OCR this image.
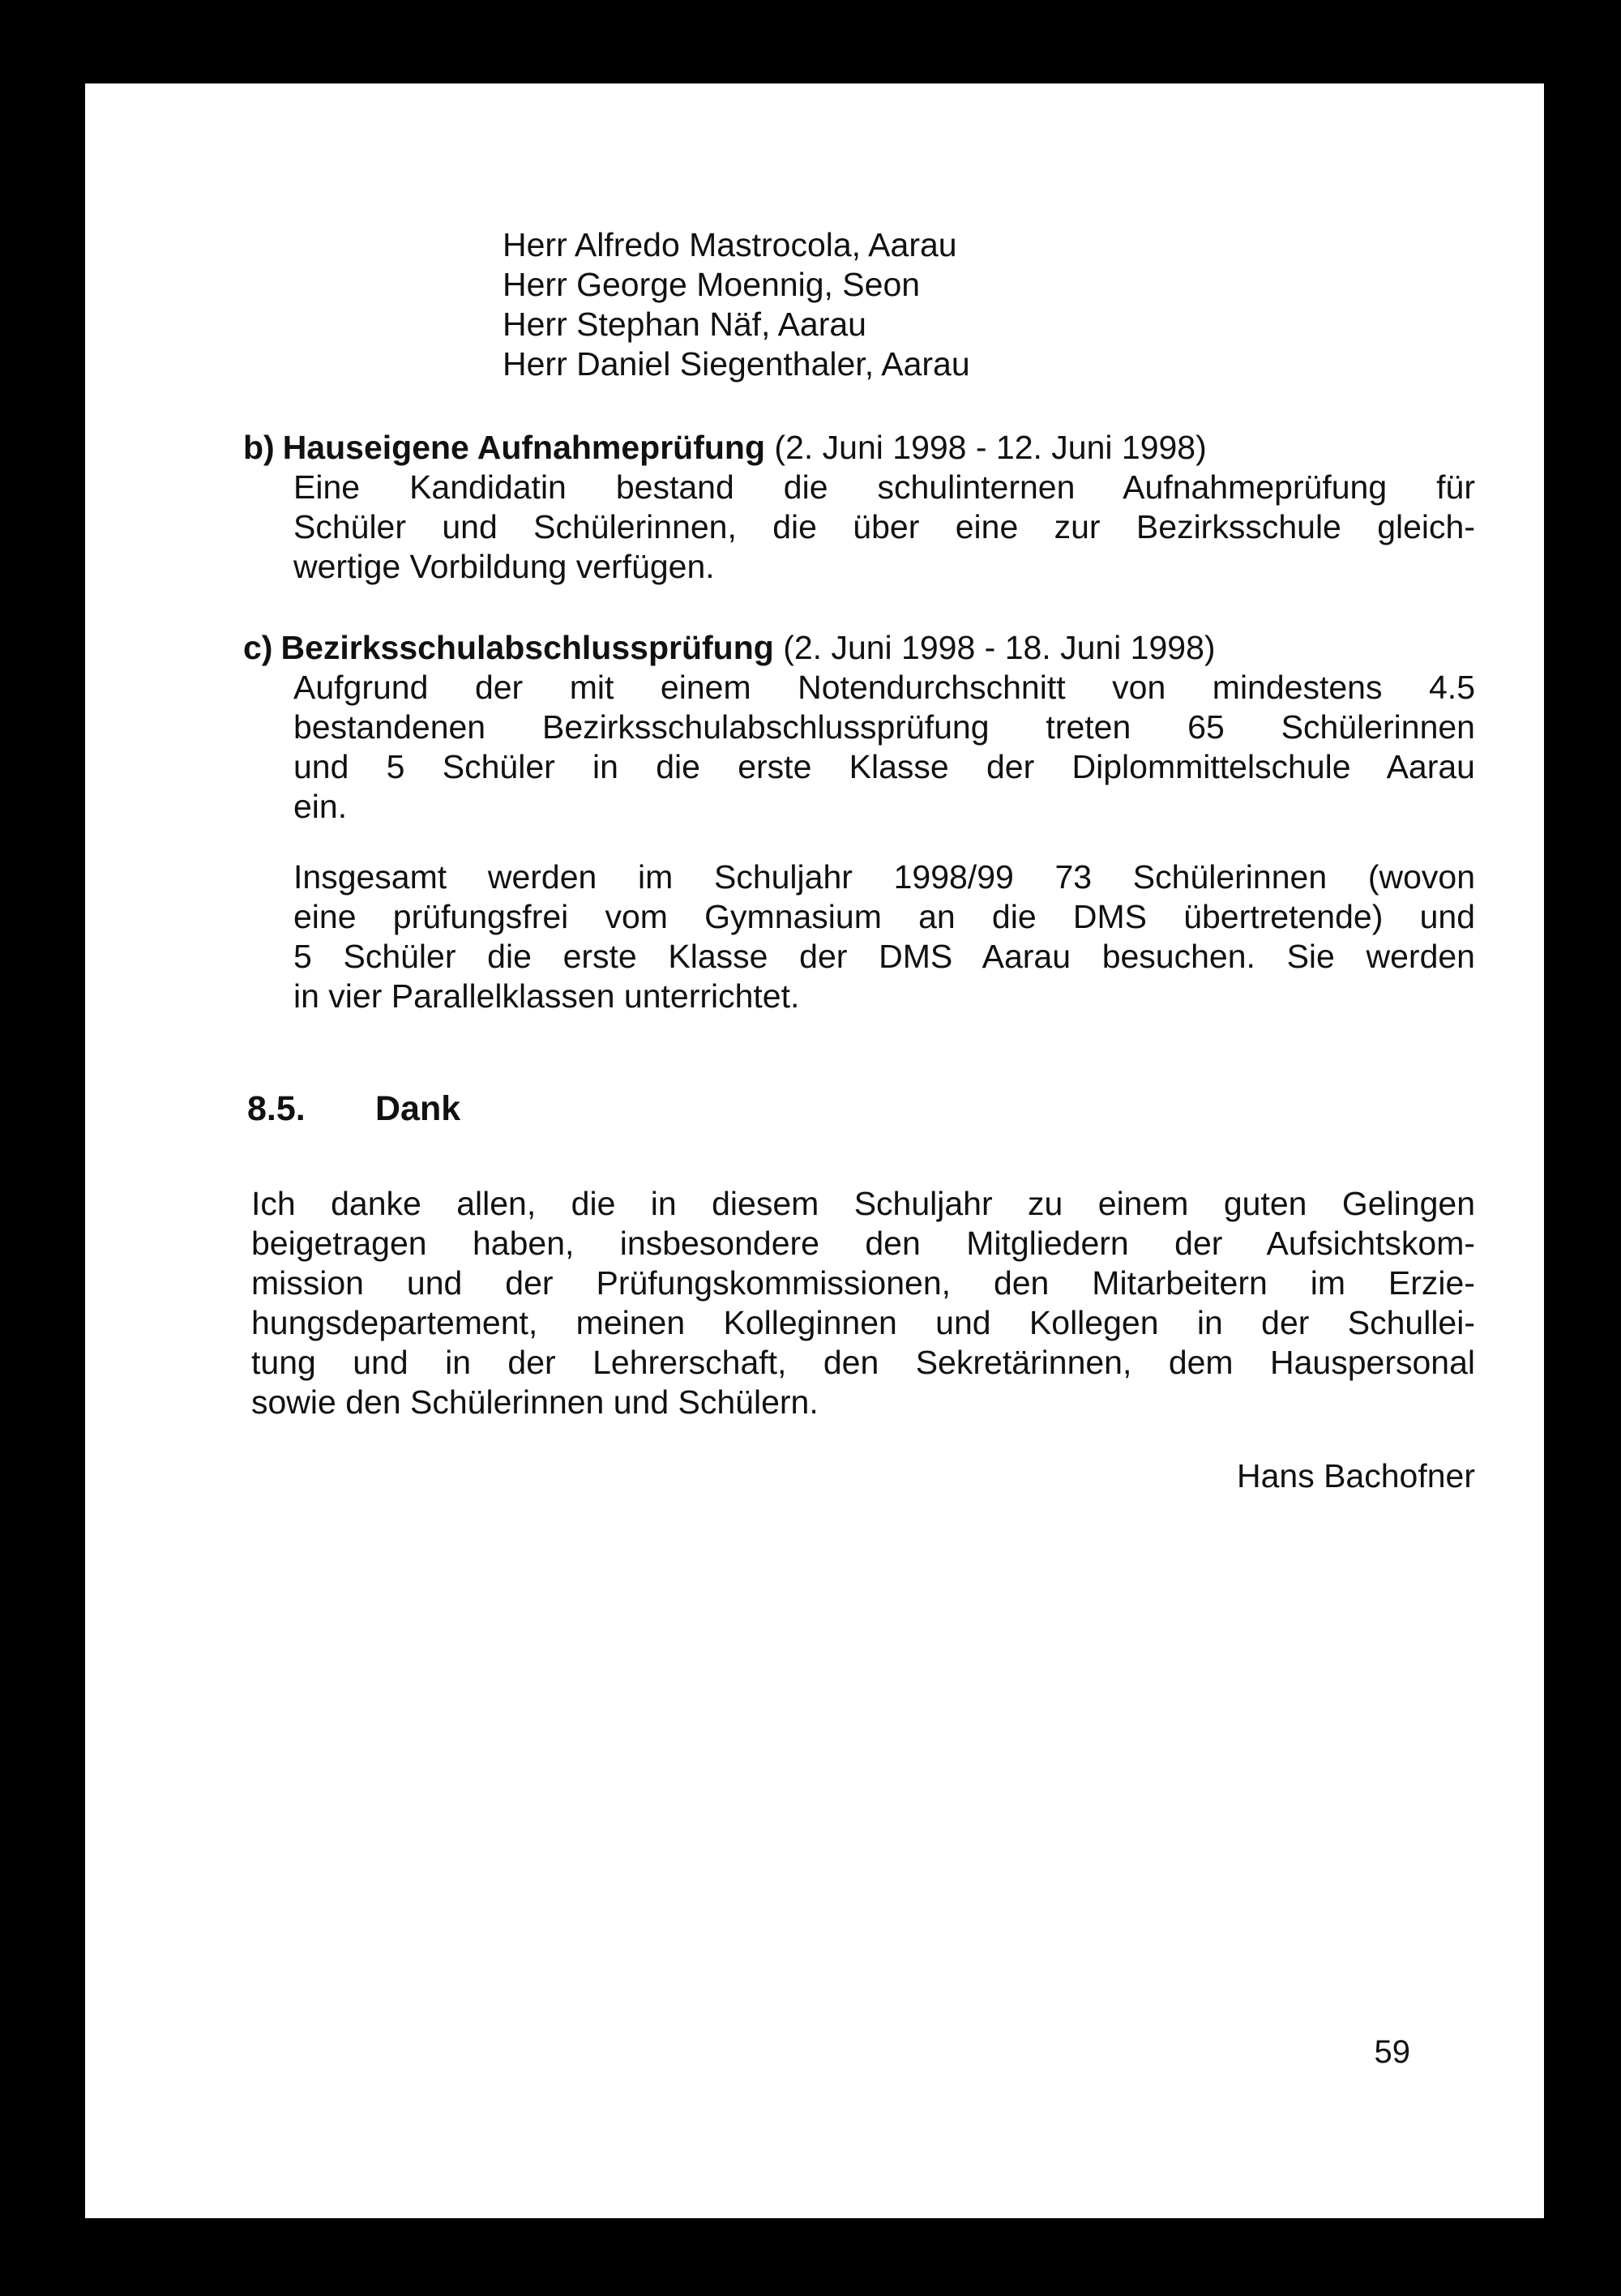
Herr Alfredo Mastrocola, Aarau
Herr George Moennig, Seon
Herr Stephan Näf, Aarau
Herr Daniel Siegenthaler, Aarau
b) Hauseigene Aufnahmeprüfung (2. Juni 1998 - 12. Juni 1998)
Eine Kandidatin bestand die schulinternen Aufnahmeprüfung für
Schüler und Schülerinnen, die über eine zur Bezirksschule gleich-
wertige Vorbildung verfügen.
c) Bezirksschulabschlussprüfung (2. Juni 1998 - 18. Juni 1998)
Aufgrund der mit einem Notendurchschnitt von mindestens 4.5
bestandenen Bezirksschulabschlussprüfung treten 65 Schülerinnen
und 5 Schüler in die erste Klasse der Diplommittelschule Aarau
ein.
Insgesamt werden im Schuljahr 1998/99 73 Schülerinnen (wovon
eine prüfungsfrei vom Gymnasium an die DMS übertretende) und
5 Schüler die erste Klasse der DMS Aarau besuchen. Sie werden
in vier Parallelklassen unterrichtet.
8.5. Dank
Ich danke allen, die in diesem Schuljahr zu einem guten Gelingen
beigetragen haben, insbesondere den Mitgliedern der Aufsichtskom-
mission und der Prüfungskommissionen, den Mitarbeitern im Erzie-
hungsdepartement, meinen Kolleginnen und Kollegen in der Schullei-
tung und in der Lehrerschaft, den Sekretärinnen, dem Hauspersonal
sowie den Schülerinnen und Schülern.
Hans Bachofner
59
